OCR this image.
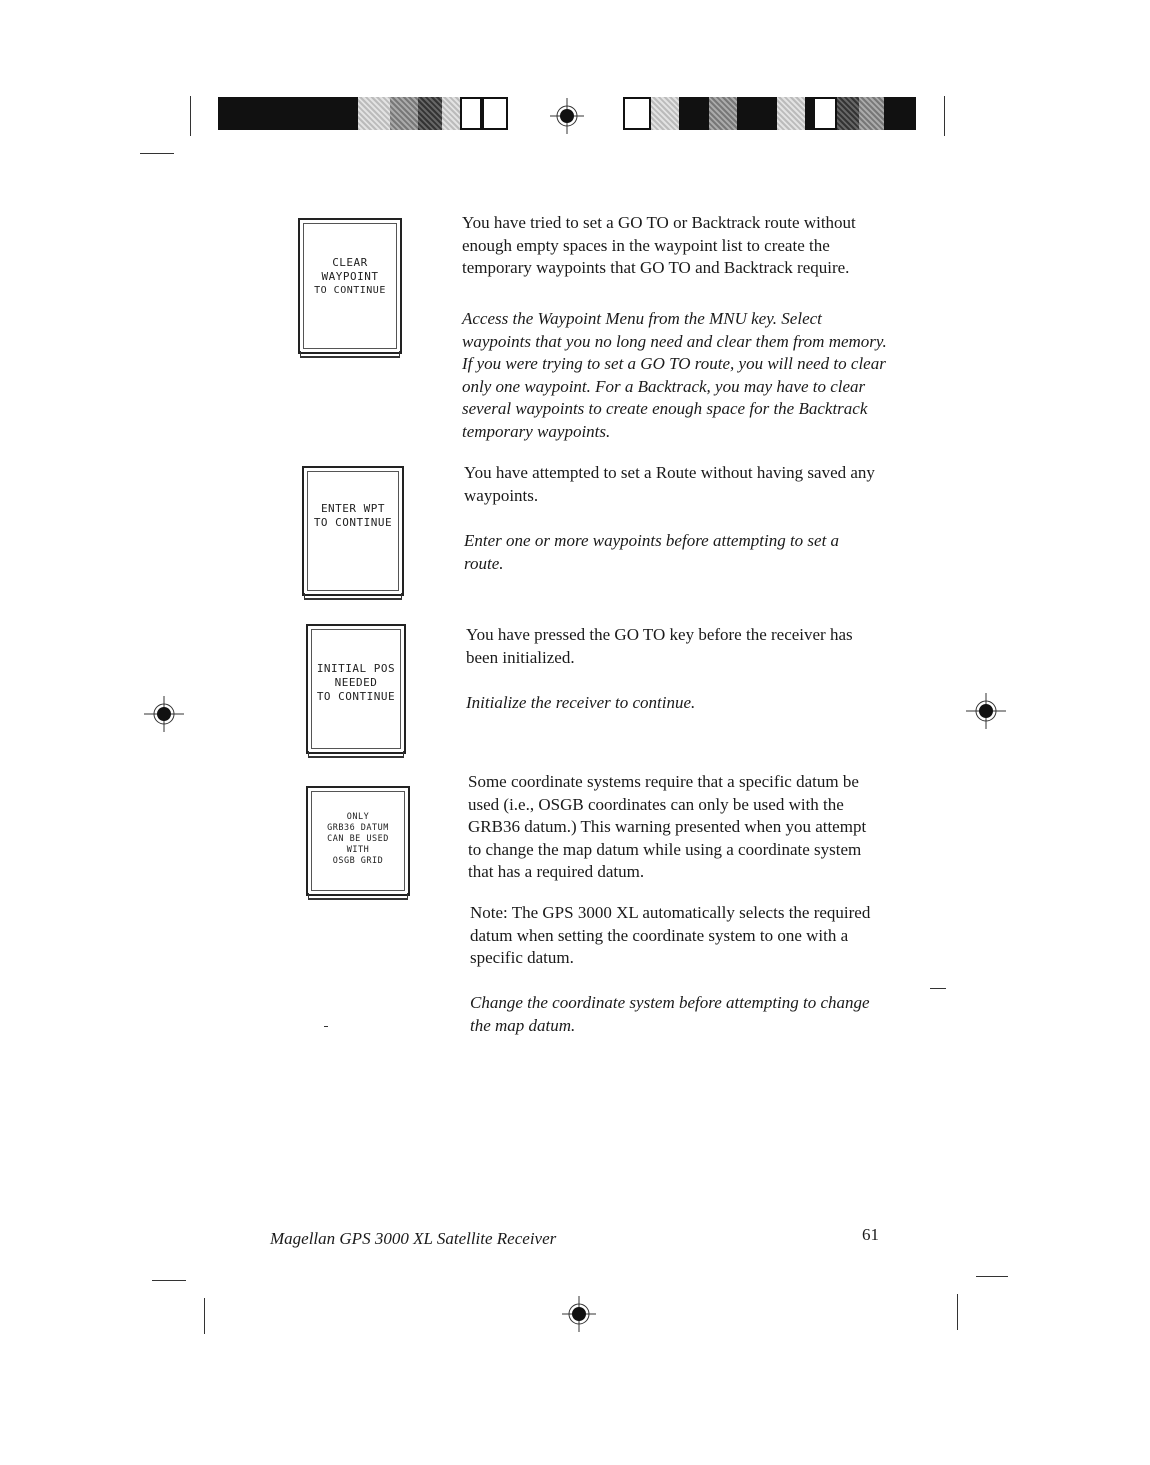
CLEAR
WAYPOINT
TO CONTINUE
You have tried to set a GO TO or Backtrack route without enough empty spaces in the waypoint list to create the temporary waypoints that GO TO and Backtrack require.
Access the Waypoint Menu from the MNU key. Select waypoints that you no long need and clear them from memory. If you were trying to set a GO TO route, you will need to clear only one waypoint. For a Backtrack, you may have to clear several waypoints to create enough space for the Backtrack temporary waypoints.
ENTER WPT
TO CONTINUE
You have attempted to set a Route without having saved any waypoints.
Enter one or more waypoints before attempting to set a route.
INITIAL POS
NEEDED
TO CONTINUE
You have pressed the GO TO key before the receiver has been initialized.
Initialize the receiver to continue.
ONLY
GRB36 DATUM
CAN BE USED
WITH
OSGB GRID
Some coordinate systems require that a specific datum be used (i.e., OSGB coordinates can only be used with the GRB36 datum.) This warning presented when you attempt to change the map datum while using a coordinate system that has a required datum.
Note: The GPS 3000 XL automatically selects the required datum when setting the coordinate system to one with a specific datum.
Change the coordinate system before attempting to change the map datum.
Magellan GPS 3000 XL Satellite Receiver	61
